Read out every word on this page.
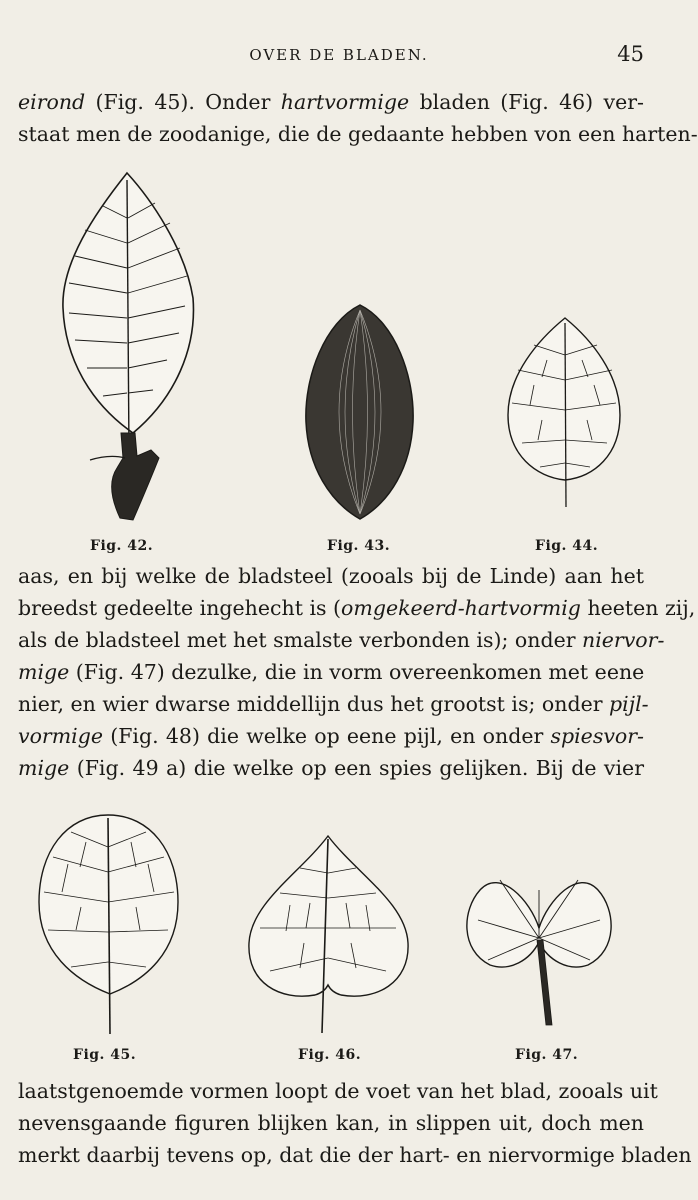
OVER DE BLADEN.	45
eirond (Fig. 45). Onder hartvormige bladen (Fig. 46) ver-
staat men de zoodanige, die de gedaante hebben von een harten-
Fig. 42.	Fig. 43.	Fig. 44.
aas, en bij welke de bladsteel (zooals bij de Linde) aan het
breedst gedeelte ingehecht is (omgekeerd-hartvormig heeten zij,
als de bladsteel met het smalste verbonden is); onder niervor-
mige (Fig. 47) dezulke, die in vorm overeenkomen met eene
nier, en wier dwarse middellijn dus het grootst is; onder pijl-
vormige (Fig. 48) die welke op eene pijl, en onder spiesvor-
mige (Fig. 49 a) die welke op een spies gelijken. Bij de vier
Fig. 45.	Fig. 46.	Fig. 47.
laatstgenoemde vormen loopt de voet van het blad, zooals uit
nevensgaande figuren blijken kan, in slippen uit, doch men
merkt daarbij tevens op, dat die der hart- en niervormige bladen
